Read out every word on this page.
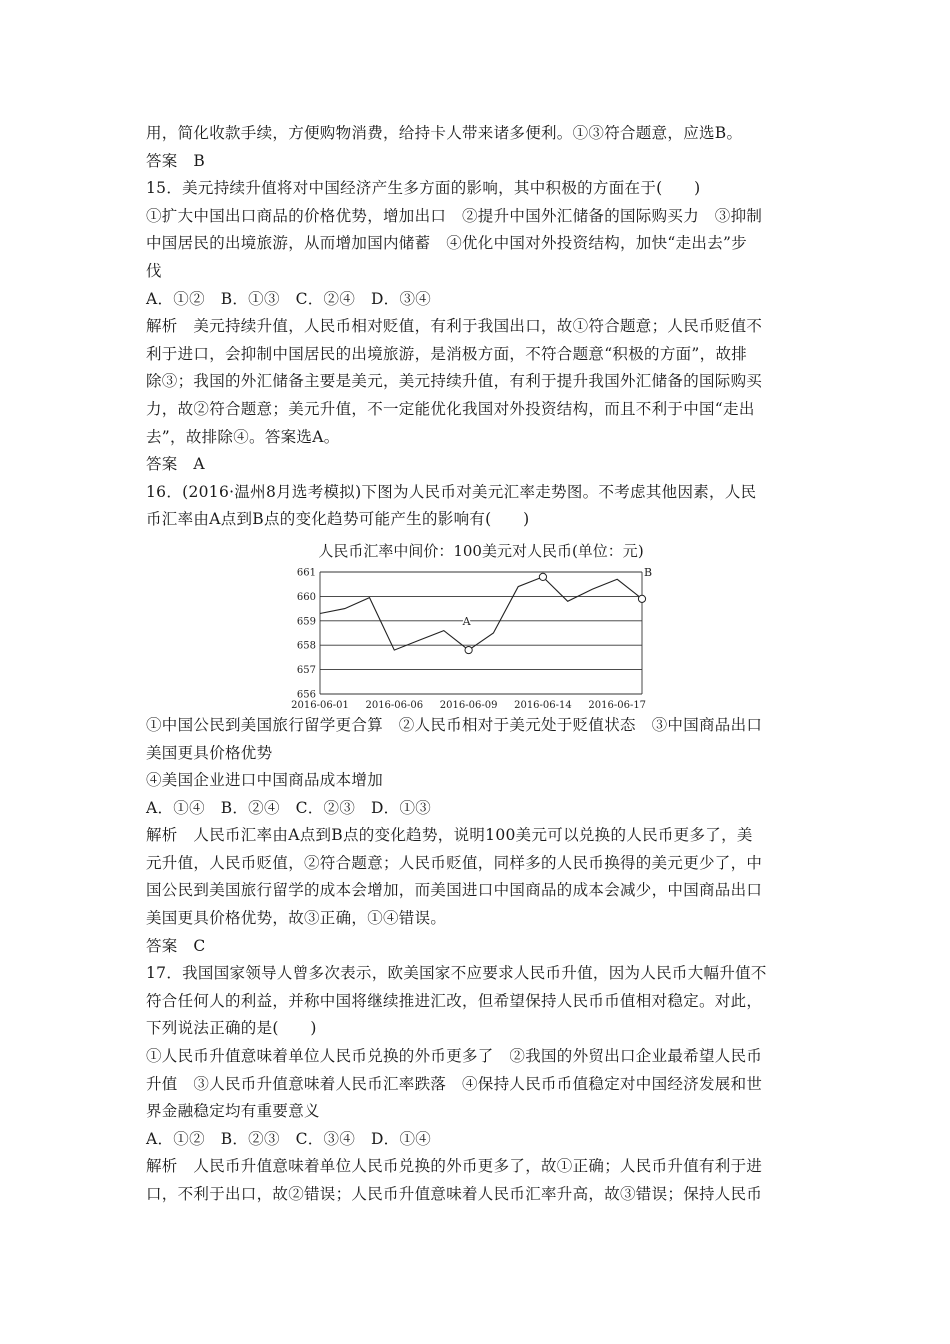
用，简化收款手续，方便购物消费，给持卡人带来诸多便利。①③符合题意，应选B。
答案　B
15．美元持续升值将对中国经济产生多方面的影响，其中积极的方面在于(　　)
①扩大中国出口商品的价格优势，增加出口　②提升中国外汇储备的国际购买力　③抑制
中国居民的出境旅游，从而增加国内储蓄　④优化中国对外投资结构，加快“走出去”步
伐
A．①②　B．①③　C．②④　D．③④
解析　美元持续升值，人民币相对贬值，有利于我国出口，故①符合题意；人民币贬值不
利于进口，会抑制中国居民的出境旅游，是消极方面，不符合题意“积极的方面”，故排
除③；我国的外汇储备主要是美元，美元持续升值，有利于提升我国外汇储备的国际购买
力，故②符合题意；美元升值，不一定能优化我国对外投资结构，而且不利于中国“走出
去”，故排除④。答案选A。
答案　A
16．(2016·温州8月选考模拟)下图为人民币对美元汇率走势图。不考虑其他因素，人民
币汇率由A点到B点的变化趋势可能产生的影响有(　　)
人民币汇率中间价：100美元对人民币(单位：元)
656
657
658
659
660
661
2016-06-01 2016-06-06 2016-06-09 2016-06-14 2016-06-17
A
B
①中国公民到美国旅行留学更合算　②人民币相对于美元处于贬值状态　③中国商品出口
美国更具价格优势
④美国企业进口中国商品成本增加
A．①④　B．②④　C．②③　D．①③
解析　人民币汇率由A点到B点的变化趋势，说明100美元可以兑换的人民币更多了，美
元升值，人民币贬值，②符合题意；人民币贬值，同样多的人民币换得的美元更少了，中
国公民到美国旅行留学的成本会增加，而美国进口中国商品的成本会减少，中国商品出口
美国更具价格优势，故③正确，①④错误。
答案　C
17．我国国家领导人曾多次表示，欧美国家不应要求人民币升值，因为人民币大幅升值不
符合任何人的利益，并称中国将继续推进汇改，但希望保持人民币币值相对稳定。对此，
下列说法正确的是(　　)
①人民币升值意味着单位人民币兑换的外币更多了　②我国的外贸出口企业最希望人民币
升值　③人民币升值意味着人民币汇率跌落　④保持人民币币值稳定对中国经济发展和世
界金融稳定均有重要意义
A．①②　B．②③　C．③④　D．①④
解析　人民币升值意味着单位人民币兑换的外币更多了，故①正确；人民币升值有利于进
口，不利于出口，故②错误；人民币升值意味着人民币汇率升高，故③错误；保持人民币
